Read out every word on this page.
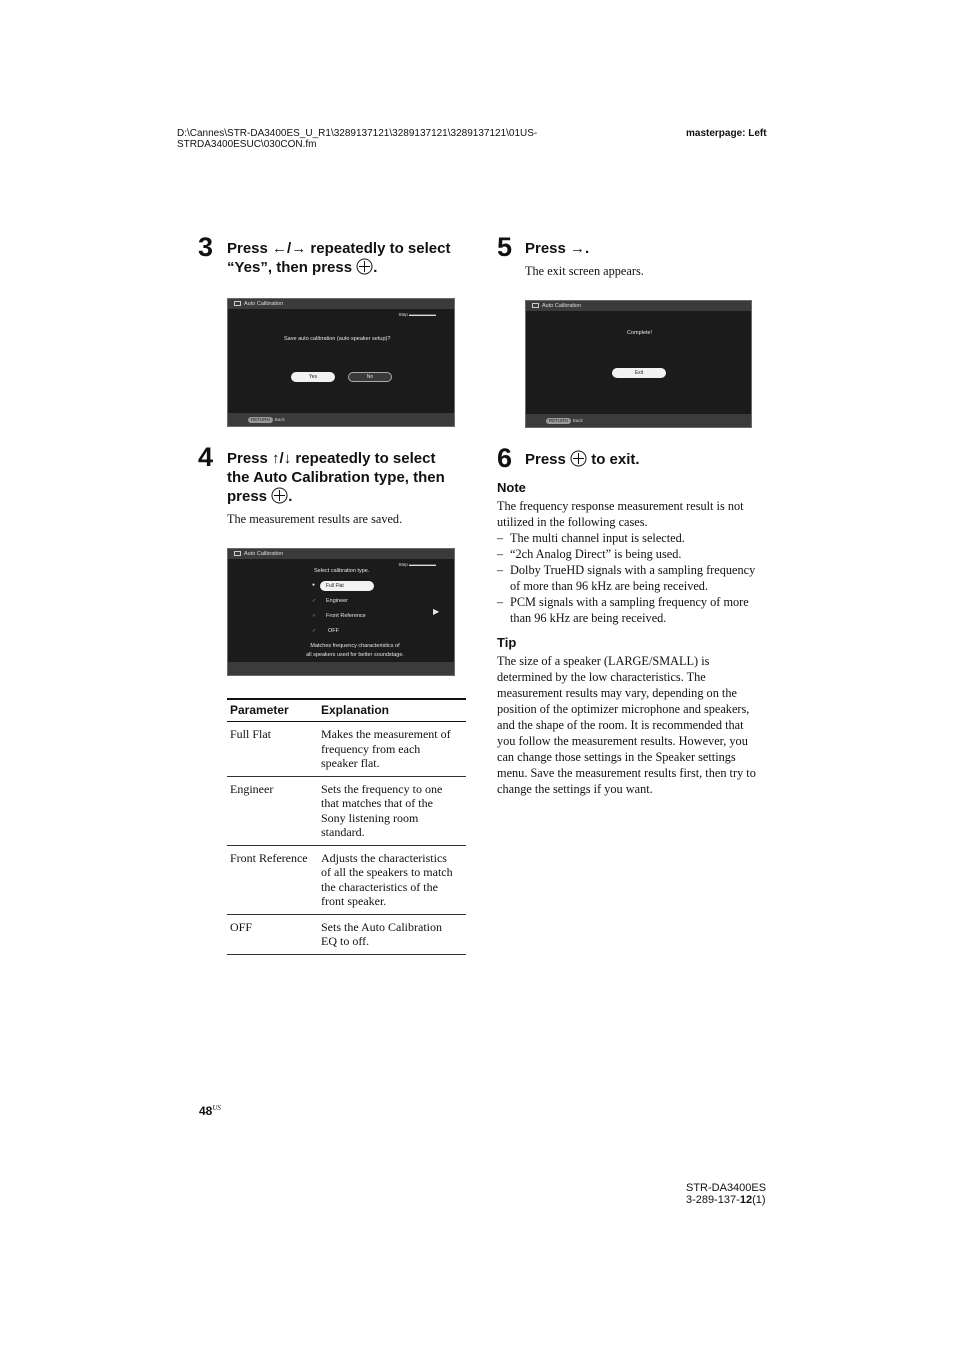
D:\Cannes\STR-DA3400ES_U_R1\3289137121\3289137121\3289137121\01US-
STRDA3400ESUC\030CON.fm
masterpage: Left
3 Press ←/→ repeatedly to select
“Yes”, then press .
Auto Calibration
Step ▬▬▬▬▬▬
Save auto calibration (auto speaker setup)?
Yes	No
RETURN Back
4 Press ↑/↓ repeatedly to select
the Auto Calibration type, then
press .
The measurement results are saved.
Auto Calibration
Step ▬▬▬▬▬▬
Select calibration type.
●	Full Flat
✓ Engineer
✓ Front Reference
✓ OFF
▶
Matches frequency characteristics of
all speakers used for better soundstage.
Parameter	Explanation
Full Flat	Makes the measurement of
frequency from each
speaker flat.

Engineer	Sets the frequency to one
that matches that of the
Sony listening room
standard.

Front Reference	Adjusts the characteristics
of all the speakers to match
the characteristics of the
front speaker.

OFF	Sets the Auto Calibration
EQ to off.
5 Press →.
The exit screen appears.
Auto Calibration
Complete!
Exit
RETURN Back
6 Press to exit.
Note
The frequency response measurement result is not
utilized in the following cases.
– The multi channel input is selected.
– “2ch Analog Direct” is being used.
– Dolby TrueHD signals with a sampling frequency
of more than 96 kHz are being received.
– PCM signals with a sampling frequency of more
than 96 kHz are being received.
Tip
The size of a speaker (LARGE/SMALL) is
determined by the low characteristics. The
measurement results may vary, depending on the
position of the optimizer microphone and speakers,
and the shape of the room. It is recommended that
you follow the measurement results. However, you
can change those settings in the Speaker settings
menu. Save the measurement results first, then try to
change the settings if you want.
$48^{US}$
STR-DA3400ES
3-289-137-12(1)
